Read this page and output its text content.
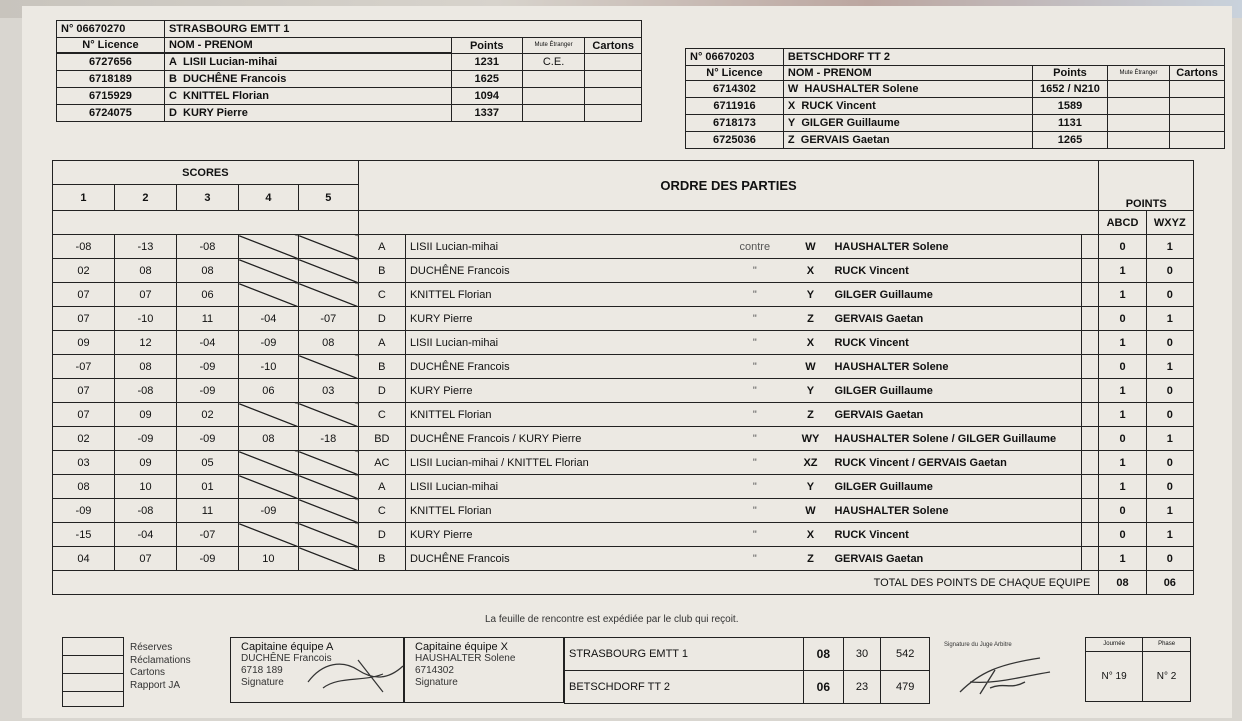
N° 06670270	STRASBOURG EMTT 1			
N° Licence	NOM - PRENOM	Points	Mute Étranger	Cartons

6727656	A LISII Lucian-mihai	1231	C.E.	
6718189	B DUCHÊNE Francois	1625		
6715929	C KNITTEL Florian	1094		
6724075	D KURY Pierre	1337		
N° 06670203	BETSCHDORF TT 2			
N° Licence	NOM - PRENOM	Points	Mute Étranger	Cartons
6714302	W HAUSHALTER Solene	1652 / N210		
6711916	X RUCK Vincent	1589		
6718173	Y GILGER Guillaume	1131		
6725036	Z GERVAIS Gaetan	1265		
SCORES					ORDRE DES PARTIES						POINTS	
1	2	3	4	5								
											ABCD	WXYZ
-08	-13	-08			A	LISII Lucian-mihai	contre	W	HAUSHALTER Solene		0	1
02	08	08			B	DUCHÊNE Francois	"	X	RUCK Vincent		1	0
07	07	06			C	KNITTEL Florian	"	Y	GILGER Guillaume		1	0
07	-10	11	-04	-07	D	KURY Pierre	"	Z	GERVAIS Gaetan		0	1
09	12	-04	-09	08	A	LISII Lucian-mihai	"	X	RUCK Vincent		1	0
-07	08	-09	-10		B	DUCHÊNE Francois	"	W	HAUSHALTER Solene		0	1
07	-08	-09	06	03	D	KURY Pierre	"	Y	GILGER Guillaume		1	0
07	09	02			C	KNITTEL Florian	"	Z	GERVAIS Gaetan		1	0
02	-09	-09	08	-18	BD	DUCHÊNE Francois / KURY Pierre	"	WY	HAUSHALTER Solene / GILGER Guillaume		0	1
03	09	05			AC	LISII Lucian-mihai / KNITTEL Florian	"	XZ	RUCK Vincent / GERVAIS Gaetan		1	0
08	10	01			A	LISII Lucian-mihai	"	Y	GILGER Guillaume		1	0
-09	-08	11	-09		C	KNITTEL Florian	"	W	HAUSHALTER Solene		0	1
-15	-04	-07			D	KURY Pierre	"	X	RUCK Vincent		0	1
04	07	-09	10		B	DUCHÊNE Francois	"	Z	GERVAIS Gaetan		1	0
TOTAL DES POINTS DE CHAQUE EQUIPE											08	06
La feuille de rencontre est expédiée par le club qui reçoit.
Réserves
Réclamations
Cartons
Rapport JA
Capitaine équipe A
DUCHÊNE Francois
6718 189
Signature
Capitaine équipe X
HAUSHALTER Solene
6714302
Signature
STRASBOURG EMTT 1	08	30	542
BETSCHDORF TT 2	06	23	479
Signature du Juge Arbitre	Journée	Phase
N° 19	N° 2
